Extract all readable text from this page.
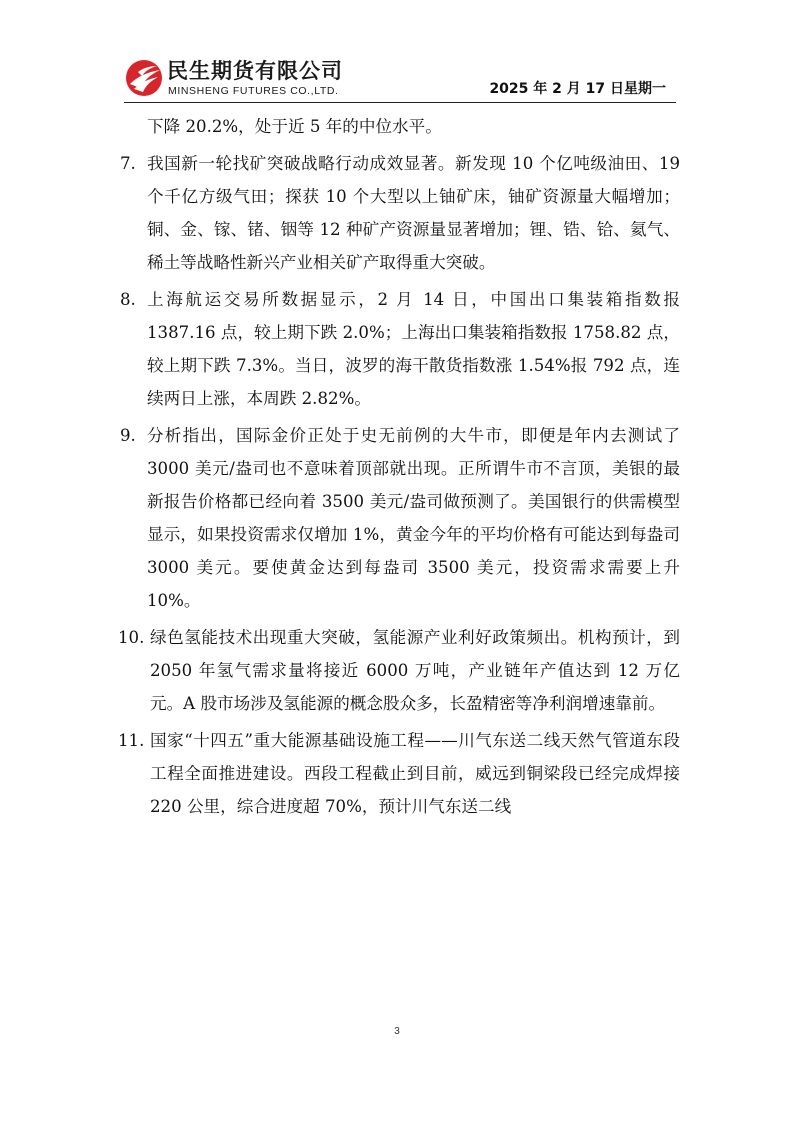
民生期货有限公司
MINSHENG FUTURES CO.,LTD.	2025 年 2 月 17 日星期一

下降 20.2%，处于近 5 年的中位水平。

7. 我国新一轮找矿突破战略行动成效显著。新发现 10 个亿吨级油田、19 个千亿方级气田；探获 10 个大型以上铀矿床，铀矿资源量大幅增加；铜、金、镓、锗、铟等 12 种矿产资源量显著增加；锂、锆、铪、氦气、稀土等战略性新兴产业相关矿产取得重大突破。
8. 上海航运交易所数据显示，2 月 14 日，中国出口集装箱指数报 1387.16 点，较上期下跌 2.0%；上海出口集装箱指数报 1758.82 点，较上期下跌 7.3%。当日，波罗的海干散货指数涨 1.54%报 792 点，连续两日上涨，本周跌 2.82%。
9. 分析指出，国际金价正处于史无前例的大牛市，即便是年内去测试了 3000 美元/盎司也不意味着顶部就出现。正所谓牛市不言顶，美银的最新报告价格都已经向着 3500 美元/盎司做预测了。美国银行的供需模型显示，如果投资需求仅增加 1%，黄金今年的平均价格有可能达到每盎司 3000 美元。要使黄金达到每盎司 3500 美元，投资需求需要上升 10%。
10. 绿色氢能技术出现重大突破，氢能源产业利好政策频出。机构预计，到 2050 年氢气需求量将接近 6000 万吨，产业链年产值达到 12 万亿元。A 股市场涉及氢能源的概念股众多，长盈精密等净利润增速靠前。
11. 国家“十四五”重大能源基础设施工程——川气东送二线天然气管道东段工程全面推进建设。西段工程截止到目前，威远到铜梁段已经完成焊接 220 公里，综合进度超 70%，预计川气东送二线
3
